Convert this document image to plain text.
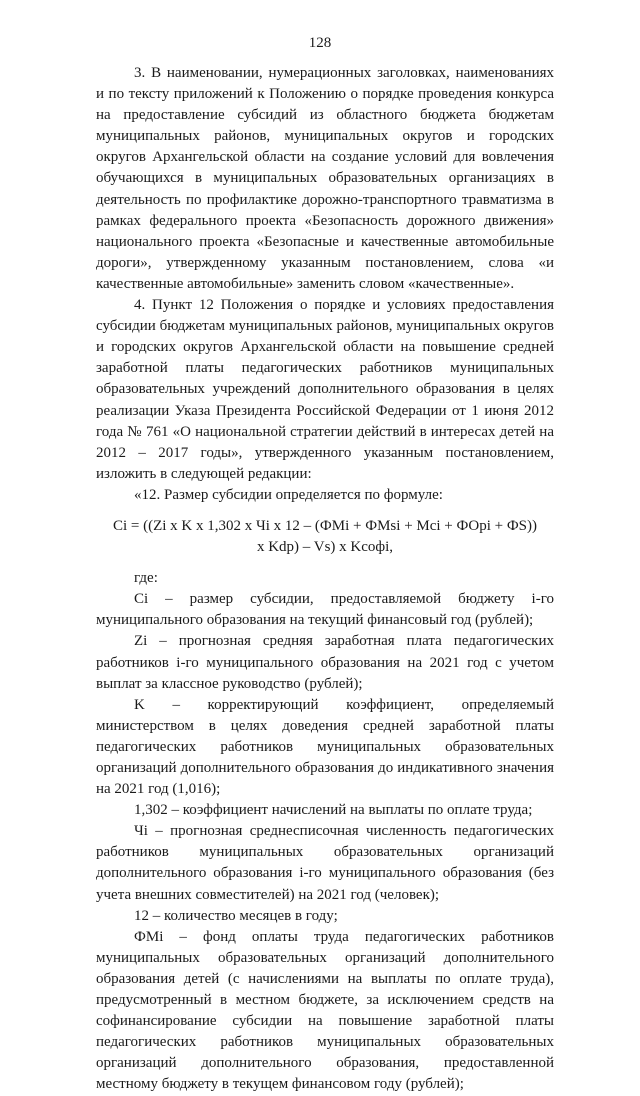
128

3. В наименовании, нумерационных заголовках, наименованиях и по тексту приложений к Положению о порядке проведения конкурса на предоставление субсидий из областного бюджета бюджетам муниципальных районов, муниципальных округов и городских округов Архангельской области на создание условий для вовлечения обучающихся в муниципальных образовательных организациях в деятельность по профилактике дорожно-транспортного травматизма в рамках федерального проекта «Безопасность дорожного движения» национального проекта «Безопасные и качественные автомобильные дороги», утвержденному указанным постановлением, слова «и качественные автомобильные» заменить словом «качественные».

4. Пункт 12 Положения о порядке и условиях предоставления субсидии бюджетам муниципальных районов, муниципальных округов и городских округов Архангельской области на повышение средней заработной платы педагогических работников муниципальных образовательных учреждений дополнительного образования в целях реализации Указа Президента Российской Федерации от 1 июня 2012 года № 761 «О национальной стратегии действий в интересах детей на 2012 – 2017 годы», утвержденного указанным постановлением, изложить в следующей редакции:

«12. Размер субсидии определяется по формуле:

Ci = ((Zi x K x 1,302 x Чi x 12 – (ФMi + ФMsi + Mci + ФOpi + ФS))

x Kdp) – Vs) x Kcофi,

где:

Ci – размер субсидии, предоставляемой бюджету i-го муниципального образования на текущий финансовый год (рублей);

Zi – прогнозная средняя заработная плата педагогических работников i-го муниципального образования на 2021 год с учетом выплат за классное руководство (рублей);

K – корректирующий коэффициент, определяемый министерством в целях доведения средней заработной платы педагогических работников муниципальных образовательных организаций дополнительного образования до индикативного значения на 2021 год (1,016);

1,302 – коэффициент начислений на выплаты по оплате труда;

Чi – прогнозная среднесписочная численность педагогических работников муниципальных образовательных организаций дополнительного образования i-го муниципального образования (без учета внешних совместителей) на 2021 год (человек);

12 – количество месяцев в году;

ФMi – фонд оплаты труда педагогических работников муниципальных образовательных организаций дополнительного образования детей (с начислениями на выплаты по оплате труда), предусмотренный в местном бюджете, за исключением средств на софинансирование субсидии на повышение заработной платы педагогических работников муниципальных образовательных организаций дополнительного образования, предоставленной местному бюджету в текущем финансовом году (рублей);
